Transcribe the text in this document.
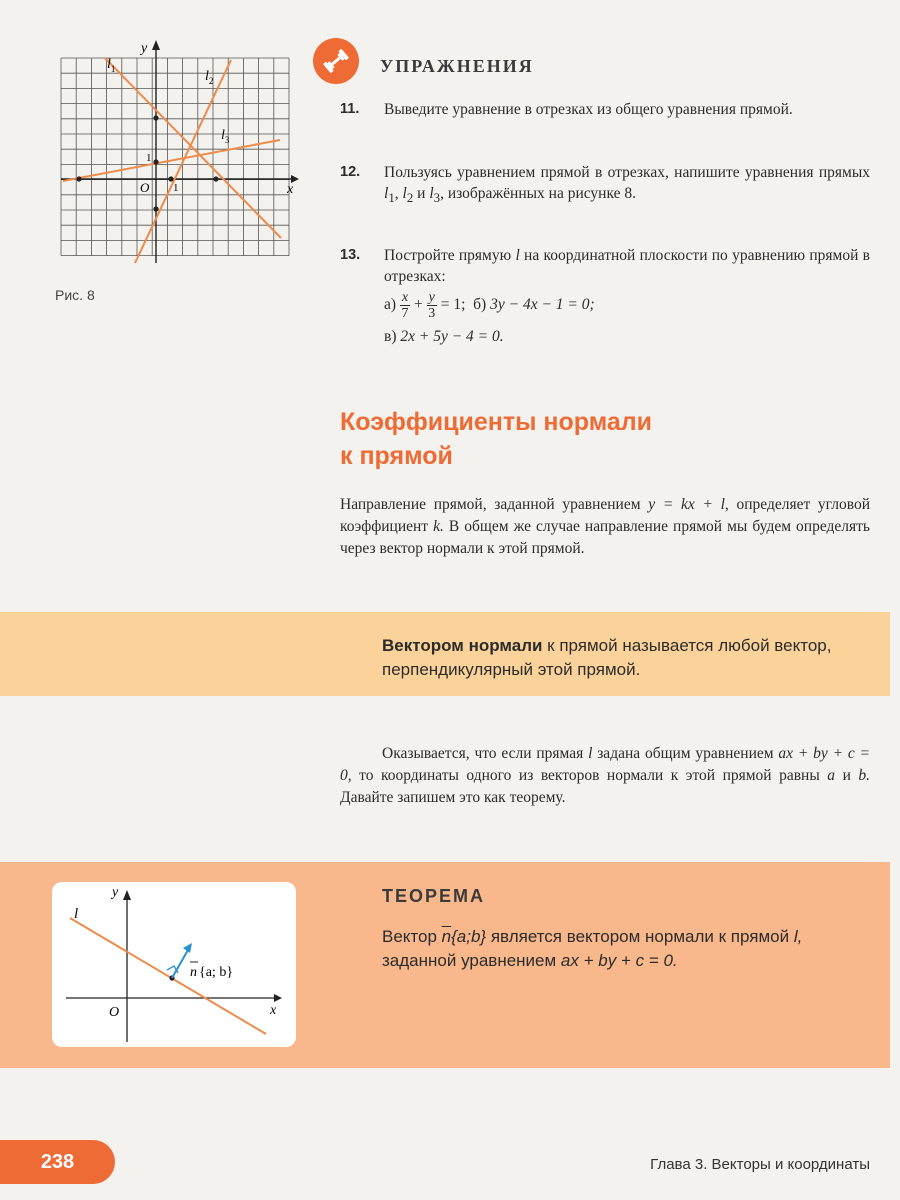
y
x
O 1
1
$l_1$	$l_2$
$l_3$
Рис. 8
УПРАЖНЕНИЯ
11. Выведите уравнение в отрезках из общего уравнения прямой.
12. Пользуясь уравнением прямой в отрезках, напишите уравнения прямых $l_1$, $l_2$ и $l_3$, изображённых на рисунке 8.
13. Постройте прямую l на координатной плоскости по уравнению прямой в отрезках:
$а) \frac{x}{7} + \frac{y}{3} = 1$; б) 3y − 4x − 1 = 0;
в) 2x + 5y − 4 = 0.
Коэффициенты нормали
к прямой
Направление прямой, заданной уравнением y = kx + l, определяет угловой коэффициент k. В общем же случае направление прямой мы будем определять через вектор нормали к этой прямой.
Вектором нормали к прямой называется любой вектор, перпендикулярный этой прямой.
Оказывается, что если прямая l задана общим уравнением ax + by + c = 0, то координаты одного из векторов нормали к этой прямой равны a и b. Давайте запишем это как теорему.
y
x
O
l
n {a; b}
ТЕОРЕМА
Вектор $\overline{n}\{a;b\}$ является вектором нормали к прямой l, заданной уравнением ax + by + c = 0.
238	Глава 3. Векторы и координаты
